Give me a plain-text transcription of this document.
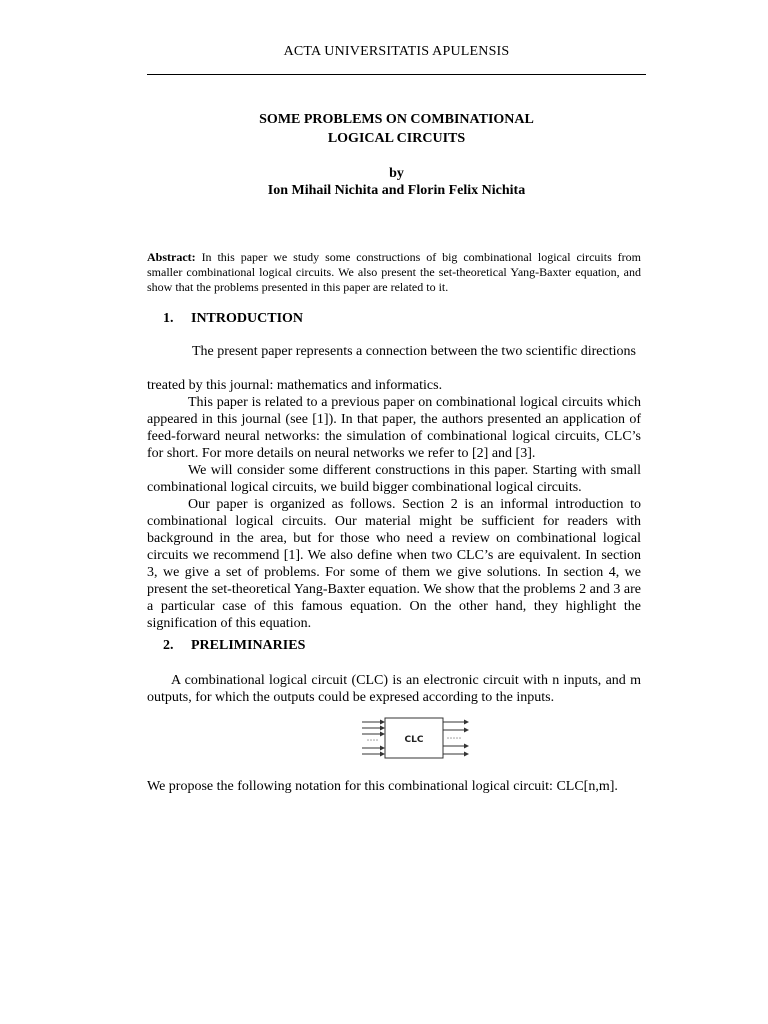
ACTA UNIVERSITATIS APULENSIS
SOME PROBLEMS ON COMBINATIONAL
LOGICAL CIRCUITS
by
Ion Mihail Nichita and Florin Felix Nichita
Abstract: In this paper we study some constructions of big combinational logical circuits from smaller combinational logical circuits. We also present the set-theoretical Yang-Baxter equation, and show that the problems presented in this paper are related to it.
1. INTRODUCTION
The present paper represents a connection between the two scientific directions

treated by this journal: mathematics and informatics.

This paper is related to a previous paper on combinational logical circuits which appeared in this journal (see [1]). In that paper, the authors presented an application of feed-forward neural networks: the simulation of combinational logical circuits, CLC’s for short. For more details on neural networks we refer to [2] and [3].

We will consider some different constructions in this paper. Starting with small combinational logical circuits, we build bigger combinational logical circuits.

Our paper is organized as follows. Section 2 is an informal introduction to combinational logical circuits. Our material might be sufficient for readers with background in the area, but for those who need a review on combinational logical circuits we recommend [1]. We also define when two CLC’s are equivalent. In section 3, we give a set of problems. For some of them we give solutions. In section 4, we present the set-theoretical Yang-Baxter equation. We show that the problems 2 and 3 are a particular case of this famous equation. On the other hand, they highlight the signification of this equation.

2. PRELIMINARIES
A combinational logical circuit (CLC) is an electronic circuit with n inputs, and m outputs, for which the outputs could be expresed according to the inputs.
CLC
We propose the following notation for this combinational logical circuit: CLC[n,m].
